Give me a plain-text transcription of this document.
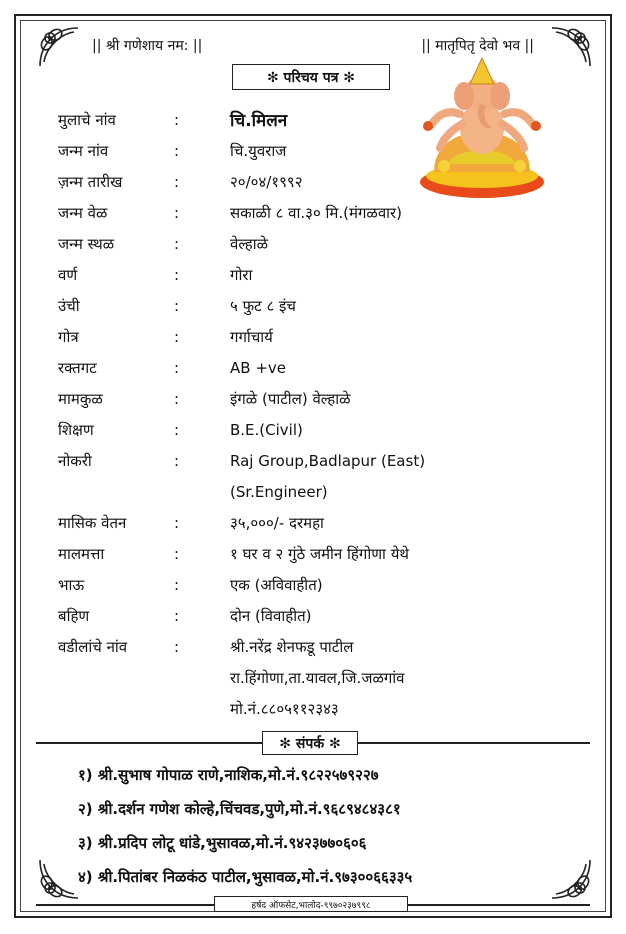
|| श्री गणेशाय नम: ||	|| मातृपितृ देवो भव ||
✻ परिचय पत्र ✻
मुलाचे नांव	:	चि.मिलन
जन्म नांव	:	चि.युवराज
ज़न्म तारीख	:	२०/०४/१९९२
जन्म वेळ	:	सकाळी ८ वा.३० मि.(मंगळवार)
जन्म स्थळ	:	वेल्हाळे
वर्ण	:	गोरा
उंची	:	५ फुट ८ इंच
गोत्र	:	गर्गाचार्य
रक्तगट	:	AB +ve
मामकुळ	:	इंगळे (पाटील) वेल्हाळे
शिक्षण	:	B.E.(Civil)
नोकरी	:	Raj Group,Badlapur (East)
(Sr.Engineer)
मासिक वेतन	:	३५,०००/- दरमहा
मालमत्ता	:	१ घर व २ गुंठे जमीन हिंगोणा येथे
भाऊ	:	एक (अविवाहीत)
बहिण	:	दोन (विवाहीत)
वडीलांचे नांव	:	श्री.नरेंद्र शेनफडू पाटील
रा.हिंगोणा,ता.यावल,जि.जळगांव
मो.नं.८८०५११२३४३
✻ संपर्क ✻
१) श्री.सुभाष गोपाळ राणे,नाशिक,मो.नं.९८२२५७९२२७
२) श्री.दर्शन गणेश कोल्हे,चिंचवड,पुणे,मो.नं.९६८९४८४३८१
३) श्री.प्रदिप लोटू धांडे,भुसावळ,मो.नं.९४२३७७०६०६
४) श्री.पितांबर निळकंठ पाटील,भुसावळ,मो.नं.९७३००६६३३५
हर्षद ऑफसेट,भालोद-९९७०२३७९९८
